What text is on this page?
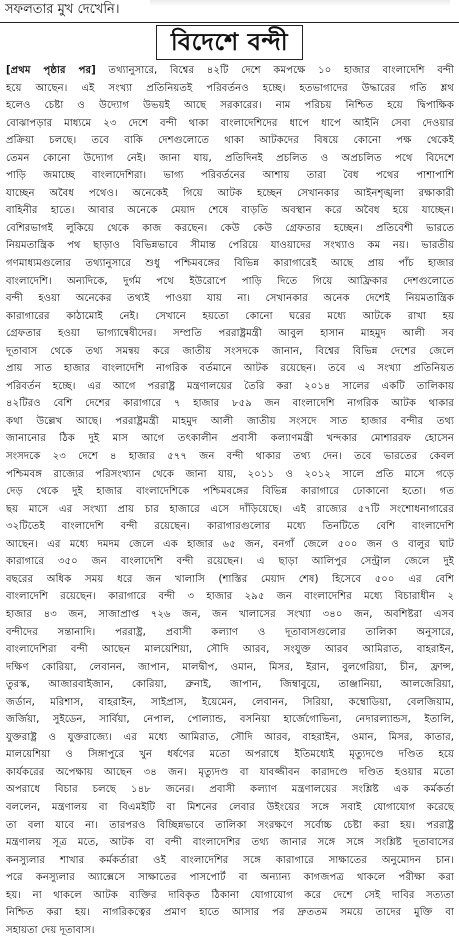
সফলতার মুখ দেখেনি।
বিদেশে বন্দী
[প্রথম পৃষ্ঠার পর] তথ্যানুসারে, বিশ্বের ৪২টি দেশে কমপক্ষে ১০ হাজার বাংলাদেশি বন্দী
হয়ে আছেন। এই সংখ্যা প্রতিনিয়তই পরিবর্তনও হচ্ছে। হতভাগাদের উদ্ধারের গতি শ্লথ
হলেও চেষ্টা ও উদ্যোগ উভয়ই আছে সরকারের। নাম পরিচয় নিশ্চিত হয়ে দ্বিপাক্ষিক
বোঝাপড়ার মাধ্যমে ২৩ দেশে বন্দী থাকা বাংলাদেশিদের ধাপে ধাপে আইনি সেবা দেওয়ার
প্রক্রিয়া চলছে। তবে বাকি দেশগুলোতে থাকা আটকদের বিষয়ে কোনো পক্ষ থেকেই
তেমন কোনো উদ্যোগ নেই। জানা যায়, প্রতিদিনই প্রচলিত ও অপ্রচলিত পথে বিদেশে
পাড়ি জমাচ্ছে বাংলাদেশিরা। ভাগ্য পরিবর্তনের আশায় তারা বৈধ পথের পাশাপাশি
যাচ্ছেন অবৈধ পথেও। অনেকেই গিয়ে আটক হচ্ছেন সেখানকার আইনশৃঙ্খলা রক্ষাকারী
বাহিনীর হাতে। আবার অনেকে মেয়াদ শেষে বাড়তি অবস্থান করে অবৈধ হয়ে যাচ্ছেন।
বেশিরভাগই লুকিয়ে থেকে কাজ করছেন। কেউ কেউ গ্রেফতার হচ্ছেন। প্রতিবেশী ভারতে
নিয়মতান্ত্রিক পথ ছাড়াও বিভিন্নভাবে সীমান্ত পেরিয়ে যাওয়াদের সংখ্যাও কম নয়। ভারতীয়
গণমাধ্যমগুলোর তথ্যানুসারে শুধু পশ্চিমবঙ্গের বিভিন্ন কারাগারেই আছে প্রায় পাঁচ হাজার
বাংলাদেশি। অন্যদিকে, দুর্গম পথে ইউরোপে পাড়ি দিতে গিয়ে আফ্রিকার দেশগুলোতে
বন্দী হওয়া অনেকের তথ্যই পাওয়া যায় না। সেখানকার অনেক দেশেই নিয়মতান্ত্রিক
কারাগারের কাঠামোই নেই। সেখানে হয়তো কোনো ঘরের মধ্যে আটকে রাখা হয়
গ্রেফতার হওয়া ভাগ্যান্বেষীদের। সম্প্রতি পররাষ্ট্রমন্ত্রী আবুল হাসান মাহমুদ আলী সব
দূতাবাস থেকে তথ্য সমন্বয় করে জাতীয় সংসদকে জানান, বিশ্বের বিভিন্ন দেশের জেলে
প্রায় সাত হাজার বাংলাদেশি নাগরিক বর্তমানে আটক রয়েছেন। তবে এ সংখ্যা প্রতিনিয়ত
পরিবর্তন হচ্ছে। এর আগে পররাষ্ট্র মন্ত্রণালয়ের তৈরি করা ২০১৪ সালের একটি তালিকায়
৪২টিরও বেশি দেশের কারাগারে ৭ হাজার ৮৫৯ জন বাংলাদেশি নাগরিক আটক থাকার
কথা উল্লেখ আছে। পররাষ্ট্রমন্ত্রী মাহমুদ আলী জাতীয় সংসদে সাত হাজার বন্দীর তথ্য
জানানোর ঠিক দুই মাস আগে তৎকালীন প্রবাসী কল্যাণমন্ত্রী খন্দকার মোশাররফ হোসেন
সংসদকে ২৩ দেশে ৪ হাজার ৫৭৭ জন বন্দী থাকার তথ্য দেন। তবে ভারতের কেবল
পশ্চিমবঙ্গ রাজ্যের পরিসংখ্যান থেকে জানা যায়, ২০১১ ও ২০১২ সালে প্রতি মাসে গড়ে
দেড় থেকে দুই হাজার বাংলাদেশিকে পশ্চিমবঙ্গের বিভিন্ন কারাগারে ঢোকানো হতো। গত
ছয় মাসে এর সংখ্যা প্রায় চার হাজারে এসে দাঁড়িয়েছে। এই রাজ্যের ৫৭টি সংশোধনাগারের
৩২টিতেই বাংলাদেশি বন্দী রয়েছেন। কারাগারগুলোর মধ্যে তিনটিতে বেশি বাংলাদেশি
আছেন। এর মধ্যে দমদম জেলে এক হাজার ৬৫ জন, বনগাঁ জেলে ৫০০ জন ও বালুর ঘাট
কারাগারে ৩৫০ জন বাংলাদেশি বন্দী রয়েছেন। এ ছাড়া আলিপুর সেন্ট্রাল জেলে দুই
বছরের অধিক সময় ধরে জন খালাসি (শাস্তির মেয়াদ শেষ) হিসেবে ৫০০ এর বেশি
বাংলাদেশি রয়েছেন। কারাগারে বন্দী ৩ হাজার ২৯৫ জন বাংলাদেশির মধ্যে বিচারাধীন ২
হাজার ৪৩ জন, সাজাপ্রাপ্ত ৭২৬ জন, জন খালাসের সংখ্যা ৩৪০ জন, অবশিষ্টরা এসব
বন্দীদের সন্তানাদি। পররাষ্ট্র, প্রবাসী কল্যাণ ও দূতাবাসগুলোর তালিকা অনুসারে,
বাংলাদেশিরা বন্দী আছেন মালয়েশিয়া, সৌদি আরব, সংযুক্ত আরব আমিরাত, বাহরাইন,
দক্ষিণ কোরিয়া, লেবানন, জাপান, মালদ্বীপ, ওমান, মিসর, ইরান, বুলগেরিয়া, চীন, ফ্রান্স,
তুরস্ক, আজারবাইজান, কোরিয়া, ব্রুনাই, জাপান, জিম্বাবুয়ে, তাঞ্জানিয়া, আলজেরিয়া,
জর্ডান, মরিশাস, বাহরাইন, সাইপ্রাস, ইয়েমেন, লেবানন, সিরিয়া, কম্বোডিয়া, বেলজিয়াম,
জর্জিয়া, সুইডেন, সার্বিয়া, নেপাল, পোল্যান্ড, বসনিয়া হার্জেগোভিনা, নেদারল্যান্ডস, ইতালি,
যুক্তরাষ্ট্র ও যুক্তরাজ্যে। এর মধ্যে আমিরাত, সৌদি আরব, বাহরাইন, ওমান, মিসর, কাতার,
মালয়েশিয়া ও সিঙ্গাপুরে খুন ধর্ষণের মতো অপরাধে ইতিমধ্যেই মৃত্যুদণ্ডে দণ্ডিত হয়ে
কার্যকরের অপেক্ষায় আছেন ৩৪ জন। মৃত্যুদণ্ড বা যাবজ্জীবন কারাদণ্ডে দণ্ডিত হওয়ার মতো
অপরাধে বিচার চলছে ১৪৮ জনের। প্রবাসী কল্যাণ মন্ত্রণালয়ের সংশ্লিষ্ট এক কর্মকর্তা
বললেন, মন্ত্রণালয় বা বিএমইটি বা মিশনের লেবার উইংয়ের সঙ্গে সবাই যোগাযোগ করেছে
তা বলা যাবে না। তারপরও বিচ্ছিন্নভাবে তালিকা সংরক্ষণে সর্বোচ্চ চেষ্টা করা হয়। পররাষ্ট্র
মন্ত্রণালয় সূত্র মতে, আটক বা বন্দী বাংলাদেশির তথ্য জানার সঙ্গে সঙ্গে সংশ্লিষ্ট দূতাবাসের
কনস্যুলার শাখার কর্মকর্তারা ওই বাংলাদেশির সঙ্গে কারাগারে সাক্ষাতের অনুমোদন চান।
পরে কনস্যুলার অ্যাক্সেসে সাক্ষাতের পাসপোর্ট বা অন্যান্য কাগজপত্র থাকলে পরীক্ষা করা
হয়। না থাকলে আটক ব্যক্তির দাবিকৃত ঠিকানা যোগাযোগ করে দেশে সেই দাবির সত্যতা
নিশ্চিত করা হয়। নাগরিকত্বের প্রমাণ হাতে আসার পর দ্রুততম সময়ে তাদের মুক্তি বা
সহায়তা দেয় দূতাবাস।
